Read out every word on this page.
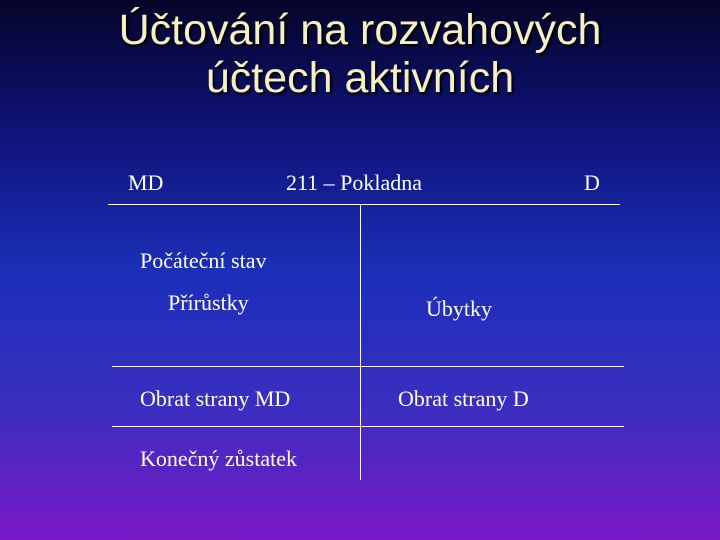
Účtování na rozvahových
účtech aktivních
MD	211 – Pokladna	D
Počáteční stav
Přírůstky	Úbytky
Obrat strany MD	Obrat strany D
Konečný zůstatek
